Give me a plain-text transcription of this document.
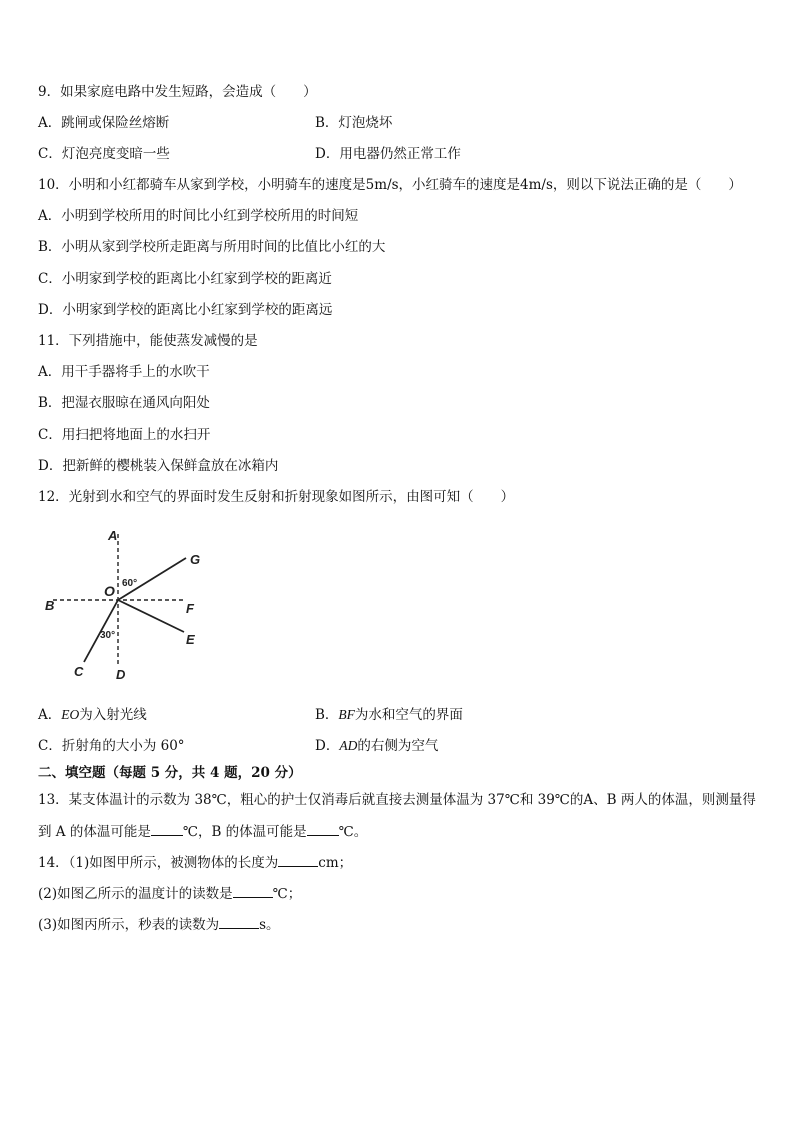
9．如果家庭电路中发生短路，会造成（　　）
A．跳闸或保险丝熔断	B．灯泡烧坏
C．灯泡亮度变暗一些	D．用电器仍然正常工作
10．小明和小红都骑车从家到学校，小明骑车的速度是5m/s，小红骑车的速度是4m/s，则以下说法正确的是（　　）
A．小明到学校所用的时间比小红到学校所用的时间短
B．小明从家到学校所走距离与所用时间的比值比小红的大
C．小明家到学校的距离比小红家到学校的距离近
D．小明家到学校的距离比小红家到学校的距离远
11．下列措施中，能使蒸发减慢的是
A．用干手器将手上的水吹干
B．把湿衣服晾在通风向阳处
C．用扫把将地面上的水扫开
D．把新鲜的樱桃装入保鲜盒放在冰箱内
12．光射到水和空气的界面时发生反射和折射现象如图所示，由图可知（　　）
A
B
C	D
E
F
G
O 60°
30°
A．EO为入射光线	B．BF为水和空气的界面
C．折射角的大小为 60°	D．AD的右侧为空气
二、填空题（每题 5 分，共 4 题，20 分）
13．某支体温计的示数为 38℃，粗心的护士仅消毒后就直接去测量体温为 37℃和 39℃的A、B 两人的体温，则测量得
到 A 的体温可能是 ℃，B 的体温可能是 ℃。
14．（1)如图甲所示，被测物体的长度为	cm；
(2)如图乙所示的温度计的读数是	℃；
(3)如图丙所示，秒表的读数为	s。
